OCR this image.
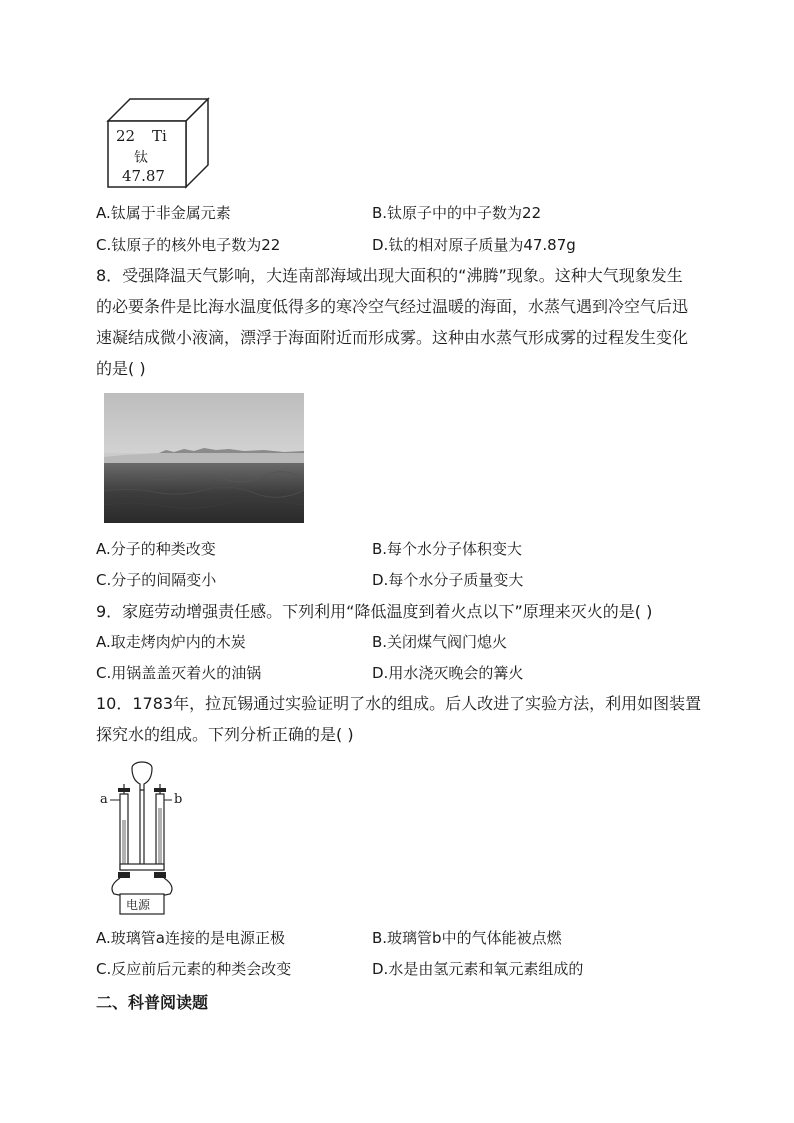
22 Ti
钛
47.87
A.钛属于非金属元素	B.钛原子中的中子数为22
C.钛原子的核外电子数为22	D.钛的相对原子质量为47.87g
8．受强降温天气影响，大连南部海域出现大面积的“沸腾”现象。这种大气现象发生
的必要条件是比海水温度低得多的寒冷空气经过温暖的海面，水蒸气遇到冷空气后迅
速凝结成微小液滴，漂浮于海面附近而形成雾。这种由水蒸气形成雾的过程发生变化
的是( )
A.分子的种类改变	B.每个水分子体积变大
C.分子的间隔变小	D.每个水分子质量变大
9．家庭劳动增强责任感。下列利用“降低温度到着火点以下”原理来灭火的是( )
A.取走烤肉炉内的木炭	B.关闭煤气阀门熄火
C.用锅盖盖灭着火的油锅	D.用水浇灭晚会的篝火
10．1783年，拉瓦锡通过实验证明了水的组成。后人改进了实验方法，利用如图装置
探究水的组成。下列分析正确的是( )
a	b
电源
A.玻璃管a连接的是电源正极	B.玻璃管b中的气体能被点燃
C.反应前后元素的种类会改变	D.水是由氢元素和氧元素组成的
二、科普阅读题
